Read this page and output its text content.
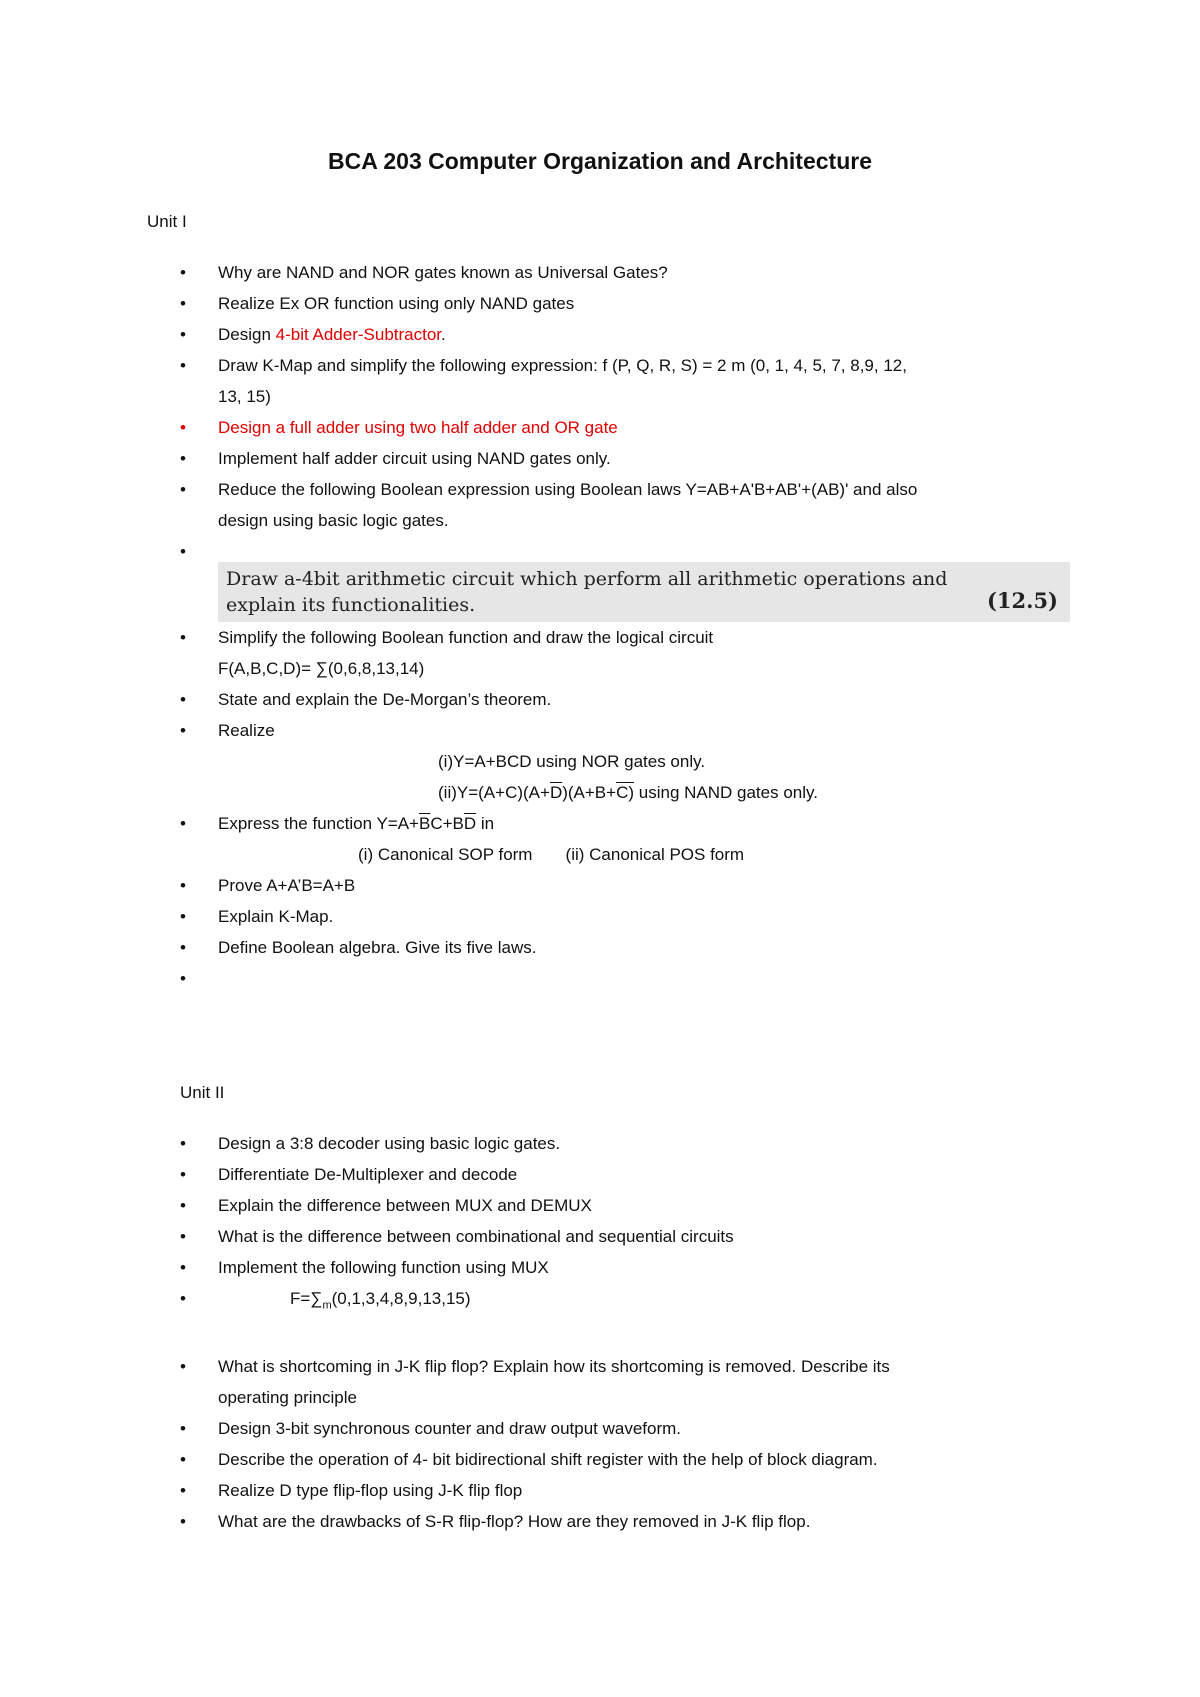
BCA 203 Computer Organization and Architecture
Unit I
• Why are NAND and NOR gates known as Universal Gates?
• Realize Ex OR function using only NAND gates
• Design 4-bit Adder-Subtractor.
• Draw K-Map and simplify the following expression: f (P, Q, R, S) = 2 m (0, 1, 4, 5, 7, 8,9, 12,
13, 15)
• Design a full adder using two half adder and OR gate
• Implement half adder circuit using NAND gates only.
• Reduce the following Boolean expression using Boolean laws Y=AB+A'B+AB'+(AB)' and also
design using basic logic gates.
•
• Simplify the following Boolean function and draw the logical circuit
F(A,B,C,D)= ∑(0,6,8,13,14)
• State and explain the De-Morgan’s theorem.
• Realize
(i)Y=A+BCD using NOR gates only.
$(ii)Y=(A+C)(A+\overline{D})(A+B+C)$ using NAND gates only.
• Express the function $Y=A+\overline{B}C+B\overline{D}$ in
(i) Canonical SOP form       (ii) Canonical POS form
• Prove A+A’B=A+B
• Explain K-Map.
• Define Boolean algebra. Give its five laws.
•
Draw a-4bit arithmetic circuit which perform all arithmetic operations and
explain its functionalities.	(12.5)
Unit II
• Design a 3:8 decoder using basic logic gates.
• Differentiate De-Multiplexer and decode
• Explain the difference between MUX and DEMUX
• What is the difference between combinational and sequential circuits
• Implement the following function using MUX
• $F=\sum_m(0,1,3,4,8,9,13,15)$
• What is shortcoming in J-K flip flop? Explain how its shortcoming is removed. Describe its
operating principle
• Design 3-bit synchronous counter and draw output waveform.
• Describe the operation of 4- bit bidirectional shift register with the help of block diagram.
• Realize D type flip-flop using J-K flip flop
• What are the drawbacks of S-R flip-flop? How are they removed in J-K flip flop.
